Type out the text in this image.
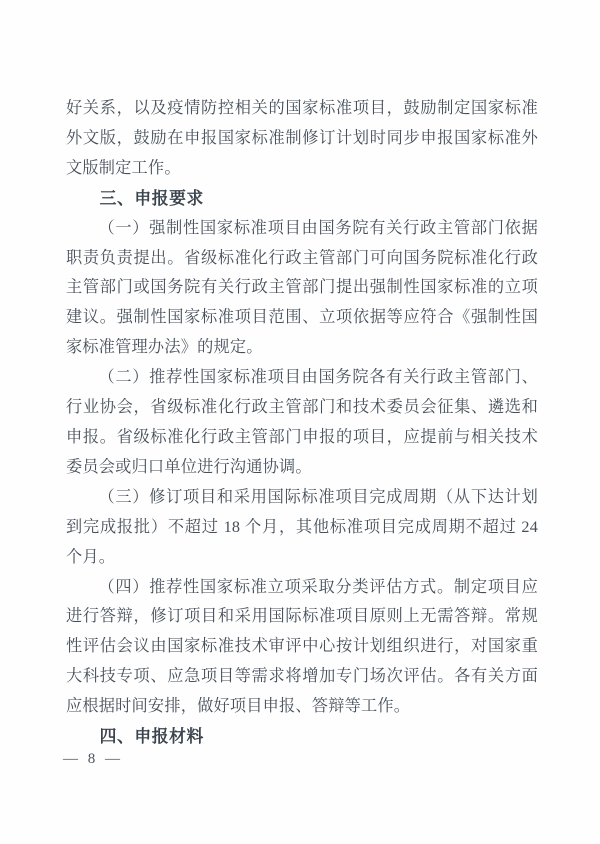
好关系，以及疫情防控相关的国家标准项目，鼓励制定国家标准外文版，鼓励在申报国家标准制修订计划时同步申报国家标准外文版制定工作。

三、申报要求

（一）强制性国家标准项目由国务院有关行政主管部门依据职责负责提出。省级标准化行政主管部门可向国务院标准化行政主管部门或国务院有关行政主管部门提出强制性国家标准的立项建议。强制性国家标准项目范围、立项依据等应符合《强制性国家标准管理办法》的规定。

（二）推荐性国家标准项目由国务院各有关行政主管部门、行业协会，省级标准化行政主管部门和技术委员会征集、遴选和申报。省级标准化行政主管部门申报的项目，应提前与相关技术委员会或归口单位进行沟通协调。

（三）修订项目和采用国际标准项目完成周期（从下达计划到完成报批）不超过 18 个月，其他标准项目完成周期不超过 24 个月。

（四）推荐性国家标准立项采取分类评估方式。制定项目应进行答辩，修订项目和采用国际标准项目原则上无需答辩。常规性评估会议由国家标准技术审评中心按计划组织进行，对国家重大科技专项、应急项目等需求将增加专门场次评估。各有关方面应根据时间安排，做好项目申报、答辩等工作。

四、申报材料

— 8 —
